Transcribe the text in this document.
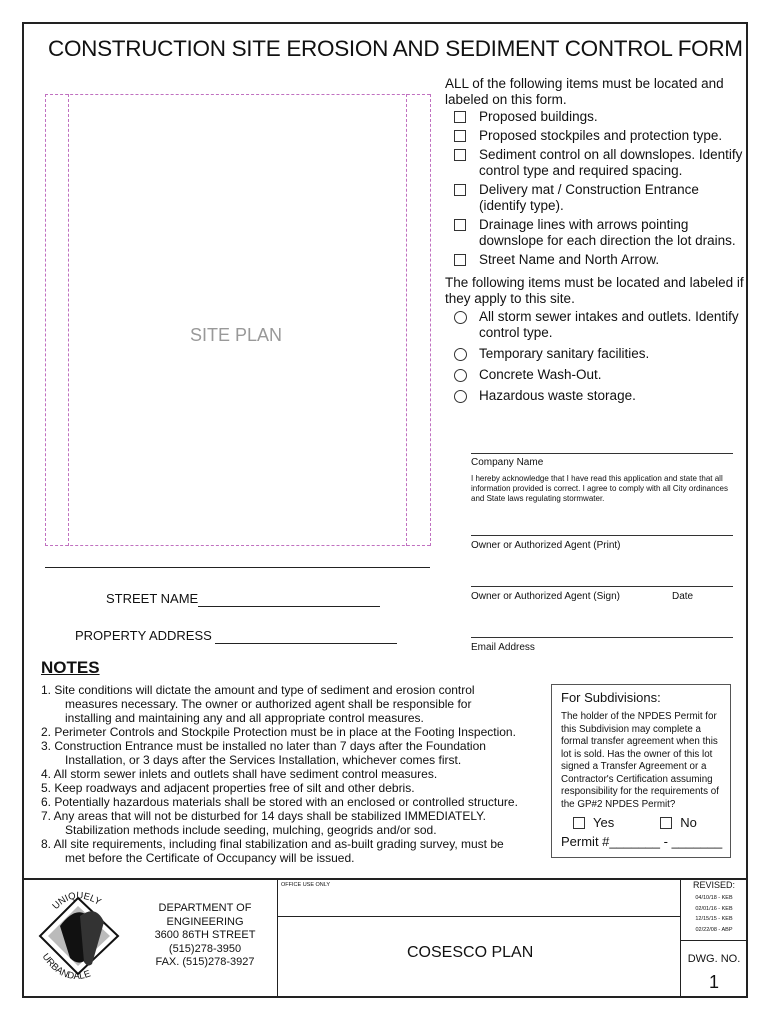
CONSTRUCTION SITE EROSION AND SEDIMENT CONTROL FORM
SITE PLAN
ALL of the following items must be located and labeled on this form.
Proposed buildings.
Proposed stockpiles and protection type.
Sediment control on all downslopes. Identify control type and required spacing.
Delivery mat / Construction Entrance (identify type).
Drainage lines with arrows pointing downslope for each direction the lot drains.
Street Name and North Arrow.
The following items must be located and labeled if they apply to this site.
All storm sewer intakes and outlets. Identify control type.
Temporary sanitary facilities.
Concrete Wash-Out.
Hazardous waste storage.
Company Name
I hereby acknowledge that I have read this application and state that all information provided is correct. I agree to comply with all City ordinances and State laws regulating stormwater.
Owner or Authorized Agent (Print)
Owner or Authorized Agent (Sign)	Date
Email Address
STREET NAME
PROPERTY ADDRESS
NOTES

1. Site conditions will dictate the amount and type of sediment and erosion control
measures necessary. The owner or authorized agent shall be responsible for
installing and maintaining any and all appropriate control measures.

2. Perimeter Controls and Stockpile Protection must be in place at the Footing Inspection.

3. Construction Entrance must be installed no later than 7 days after the Foundation
Installation, or 3 days after the Services Installation, whichever comes first.

4. All storm sewer inlets and outlets shall have sediment control measures.

5. Keep roadways and adjacent properties free of silt and other debris.

6. Potentially hazardous materials shall be stored with an enclosed or controlled structure.

7. Any areas that will not be disturbed for 14 days shall be stabilized IMMEDIATELY.
Stabilization methods include seeding, mulching, geogrids and/or sod.

8. All site requirements, including final stabilization and as-built grading survey, must be
met before the Certificate of Occupancy will be issued.

For Subdivisions:
The holder of the NPDES Permit for this Subdivision may complete a formal transfer agreement when this lot is sold. Has the owner of this lot signed a Transfer Agreement or a Contractor's Certification assuming responsibility for the requirements of the GP#2 NPDES Permit?
Yes	No
Permit #_______ - _______
UNIQUELY
URBANDALE
DEPARTMENT OF
ENGINEERING
3600 86TH STREET
(515)278-3950
FAX. (515)278-3927
OFFICE USE ONLY
COSESCO PLAN
REVISED:
04/10/18 - KEB
02/01/16 - KEB
12/15/15 - KEB
02/22/08 - ABP
DWG. NO.
1
